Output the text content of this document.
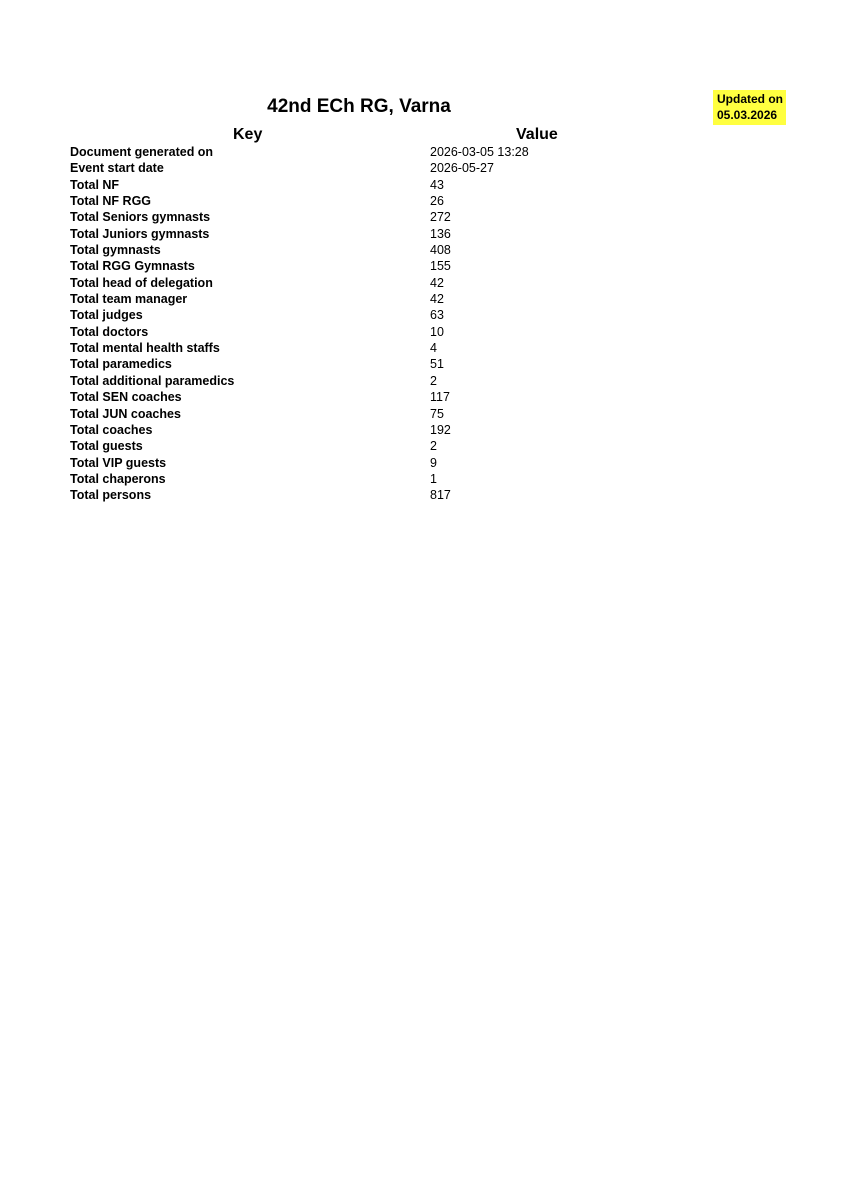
42nd ECh RG, Varna	Updated on
05.03.2026
Key	Value
Document generated on	2026-03-05 13:28
Event start date	2026-05-27
Total NF	43
Total NF RGG	26
Total Seniors gymnasts	272
Total Juniors gymnasts	136
Total gymnasts	408
Total RGG Gymnasts	155
Total head of delegation	42
Total team manager	42
Total judges	63
Total doctors	10
Total mental health staffs	4
Total paramedics	51
Total additional paramedics	2
Total SEN coaches	117
Total JUN coaches	75
Total coaches	192
Total guests	2
Total VIP guests	9
Total chaperons	1
Total persons	817
